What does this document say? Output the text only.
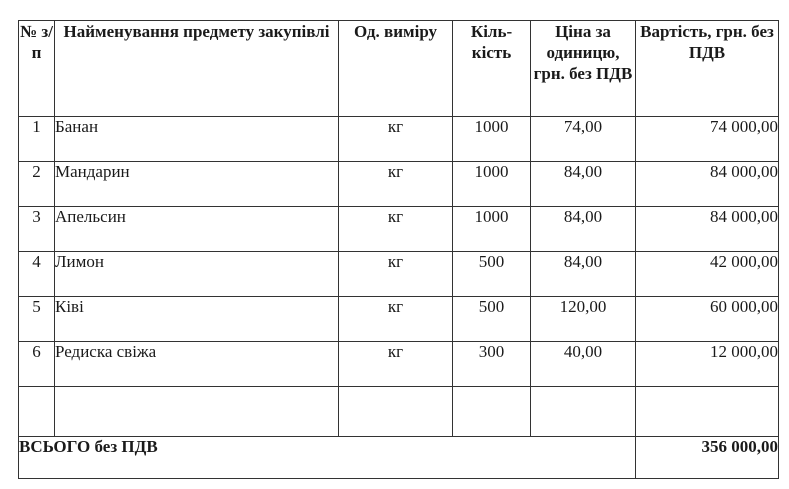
№ з/п	Найменування предмету закупівлі	Од. виміру	Кіль-кість	Ціна за одиницю, грн. без ПДВ	Вартість, грн. без ПДВ
1	Банан	кг	1000	74,00	74 000,00
2	Мандарин	кг	1000	84,00	84 000,00
3	Апельсин	кг	1000	84,00	84 000,00
4	Лимон	кг	500	84,00	42 000,00
5	Ківі	кг	500	120,00	60 000,00
6	Редиска свіжа	кг	300	40,00	12 000,00

ВСЬОГО без ПДВ					356 000,00
